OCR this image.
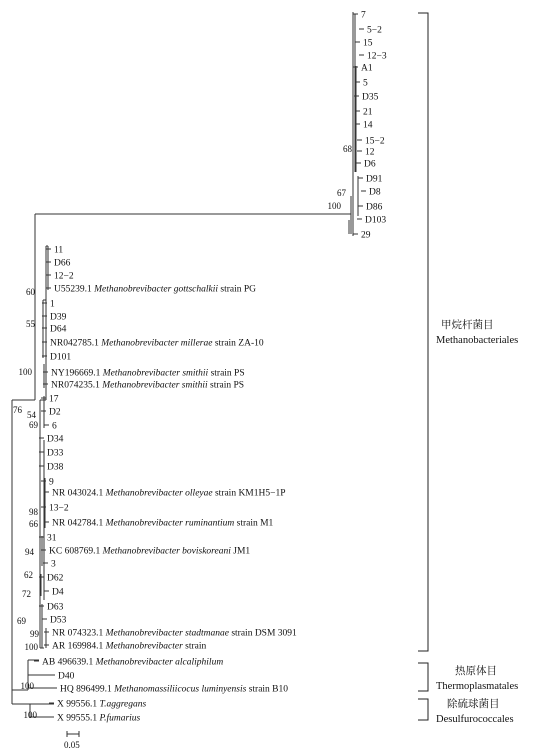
7
5−2
15
12−3
A1
5
D35
21
14
15−2
12
D6
D91
D8
D86
D103
29
11
D66
12−2
U55239.1 Methanobrevibacter gottschalkii strain PG
1
D39
D64
NR042785.1 Methanobrevibacter millerae strain ZA-10
D101
NY196669.1 Methanobrevibacter smithii strain PS
NR074235.1 Methanobrevibacter smithii strain PS
17
D2
6
D34
D33
D38
9
NR 043024.1 Methanobrevibacter olleyae strain KM1H5−1P
13−2
NR 042784.1 Methanobrevibacter ruminantium strain M1
31
KC 608769.1 Methanobrevibacter boviskoreani JM1
3
D62
D4
D63
D53
NR 074323.1 Methanobrevibacter stadtmanae strain DSM 3091
AR 169984.1 Methanobrevibacter strain
AB 496639.1 Methanobrevibacter alcaliphilum
D40
HQ 896499.1 Methanomassiliicocus luminyensis strain B10
X 99556.1 T.aggregans
X 99555.1 P.fumarius
68
67
100
60
55
100
76 54
69
98
66
94
62
72
69
99
100
100
100
甲烷杆菌目
Methanobacteriales
热原体目
Thermoplasmatales
除硫球菌目
Desulfurococcales
0.05
